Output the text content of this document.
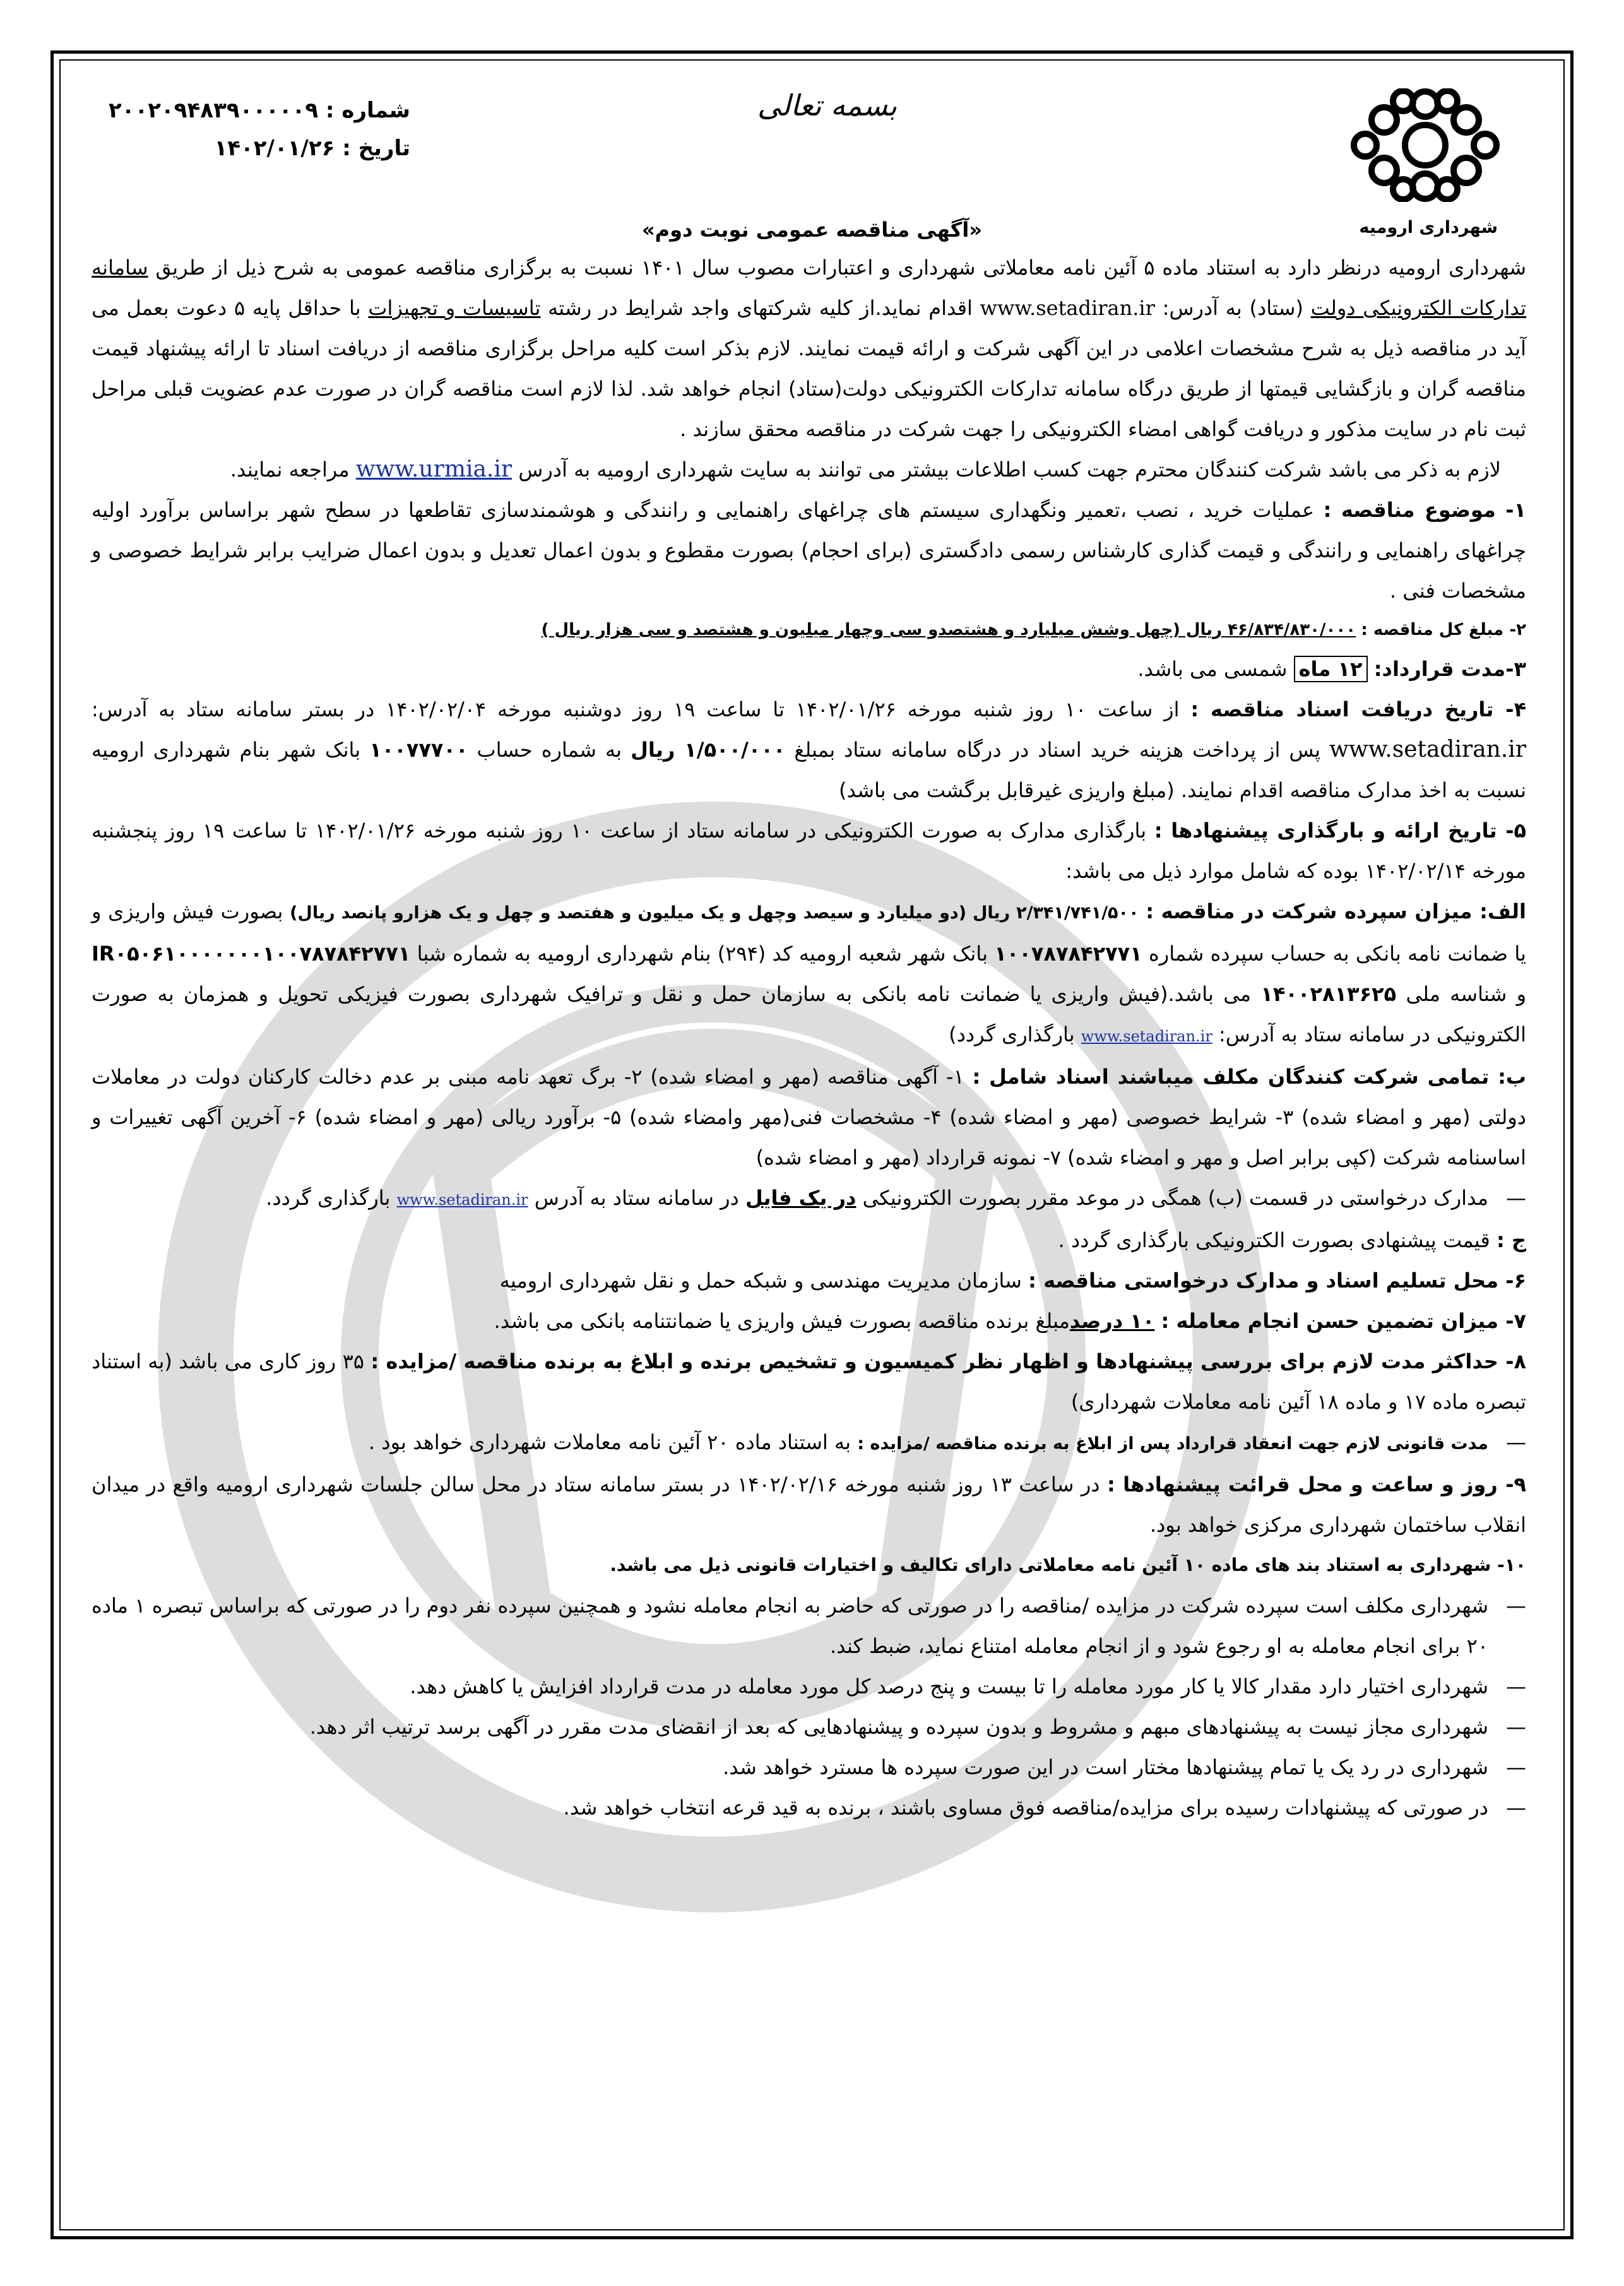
شهرداری ارومیه
بسمه تعالی
شماره : ۲۰۰۲۰۹۴۸۳۹۰۰۰۰۰۹
تاریخ : ۱۴۰۲/۰۱/۲۶
«آگهی مناقصه عمومی نوبت دوم»

شهرداری ارومیه درنظر دارد به استناد ماده ۵ آئین نامه معاملاتی شهرداری و اعتبارات مصوب سال ۱۴۰۱ نسبت به برگزاری مناقصه عمومی به شرح ذیل از طریق سامانه تدارکات الکترونیکی دولت (ستاد) به آدرس: www.setadiran.ir اقدام نماید.از کلیه شرکتهای واجد شرایط در رشته تاسیسات و تجهیزات با حداقل پایه ۵ دعوت بعمل می آید در مناقصه ذیل به شرح مشخصات اعلامی در این آگهی شرکت و ارائه قیمت نمایند. لازم بذکر است کلیه مراحل برگزاری مناقصه از دریافت اسناد تا ارائه پیشنهاد قیمت مناقصه گران و بازگشایی قیمتها از طریق درگاه سامانه تدارکات الکترونیکی دولت(ستاد) انجام خواهد شد. لذا لازم است مناقصه گران در صورت عدم عضویت قبلی مراحل ثبت نام در سایت مذکور و دریافت گواهی امضاء الکترونیکی را جهت شرکت در مناقصه محقق سازند .

لازم به ذکر می باشد شرکت کنندگان محترم جهت کسب اطلاعات بیشتر می توانند به سایت شهرداری ارومیه به آدرس www.urmia.ir مراجعه نمایند.

۱- موضوع مناقصه : عملیات خرید ، نصب ،تعمیر ونگهداری سیستم های چراغهای راهنمایی و رانندگی و هوشمندسازی تقاطعها در سطح شهر براساس برآورد اولیه چراغهای راهنمایی و رانندگی و قیمت گذاری کارشناس رسمی دادگستری (برای احجام) بصورت مقطوع و بدون اعمال تعدیل و بدون اعمال ضرایب برابر شرایط خصوصی و مشخصات فنی .

۲- مبلغ کل مناقصه : ۴۶/۸۳۴/۸۳۰/۰۰۰ ریال (چهل وشش میلیارد و هشتصدو سی وچهار میلیون و هشتصد و سی هزار ریال )

۳-مدت قرارداد: ۱۲ ماه شمسی می باشد.

۴- تاریخ دریافت اسناد مناقصه : از ساعت ۱۰ روز شنبه مورخه ۱۴۰۲/۰۱/۲۶ تا ساعت ۱۹ روز دوشنبه مورخه ۱۴۰۲/۰۲/۰۴ در بستر سامانه ستاد به آدرس: www.setadiran.ir پس از پرداخت هزینه خرید اسناد در درگاه سامانه ستاد بمبلغ ۱/۵۰۰/۰۰۰ ریال به شماره حساب ۱۰۰۷۷۷۰۰ بانک شهر بنام شهرداری ارومیه نسبت به اخذ مدارک مناقصه اقدام نمایند. (مبلغ واریزی غیرقابل برگشت می باشد)

۵- تاریخ ارائه و بارگذاری پیشنهادها : بارگذاری مدارک به صورت الکترونیکی در سامانه ستاد از ساعت ۱۰ روز شنبه مورخه ۱۴۰۲/۰۱/۲۶ تا ساعت ۱۹ روز پنجشنبه مورخه ۱۴۰۲/۰۲/۱۴ بوده که شامل موارد ذیل می باشد:

الف: میزان سپرده شرکت در مناقصه : ۲/۳۴۱/۷۴۱/۵۰۰ ریال (دو میلیارد و سیصد وچهل و یک میلیون و هفتصد و چهل و یک هزارو پانصد ریال) بصورت فیش واریزی و یا ضمانت نامه بانکی به حساب سپرده شماره ۱۰۰۷۸۷۸۴۲۷۷۱ بانک شهر شعبه ارومیه کد (۲۹۴) بنام شهرداری ارومیه به شماره شبا IR۰۵۰۶۱۰۰۰۰۰۰۰۱۰۰۷۸۷۸۴۲۷۷۱ و شناسه ملی ۱۴۰۰۲۸۱۳۶۲۵ می باشد.(فیش واریزی یا ضمانت نامه بانکی به سازمان حمل و نقل و ترافیک شهرداری بصورت فیزیکی تحویل و همزمان به صورت الکترونیکی در سامانه ستاد به آدرس: www.setadiran.ir بارگذاری گردد)

ب: تمامی شرکت کنندگان مکلف میباشند اسناد شامل : ۱- آگهی مناقصه (مهر و امضاء شده) ۲- برگ تعهد نامه مبنی بر عدم دخالت کارکنان دولت در معاملات دولتی (مهر و امضاء شده) ۳- شرایط خصوصی (مهر و امضاء شده) ۴- مشخصات فنی(مهر وامضاء شده) ۵- برآورد ریالی (مهر و امضاء شده) ۶- آخرین آگهی تغییرات و اساسنامه شرکت (کپی برابر اصل و مهر و امضاء شده) ۷- نمونه قرارداد (مهر و امضاء شده)

— مدارک درخواستی در قسمت (ب) همگی در موعد مقرر بصورت الکترونیکی در یک فایل در سامانه ستاد به آدرس www.setadiran.ir بارگذاری گردد.

ج : قیمت پیشنهادی بصورت الکترونیکی بارگذاری گردد .

۶- محل تسلیم اسناد و مدارک درخواستی مناقصه : سازمان مدیریت مهندسی و شبکه حمل و نقل شهرداری ارومیه

۷- میزان تضمین حسن انجام معامله : ۱۰ درصدمبلغ برنده مناقصه بصورت فیش واریزی یا ضمانتنامه بانکی می باشد.

۸- حداکثر مدت لازم برای بررسی پیشنهادها و اظهار نظر کمیسیون و تشخیص برنده و ابلاغ به برنده مناقصه /مزایده : ۳۵ روز کاری می باشد (به استناد تبصره ماده ۱۷ و ماده ۱۸ آئین نامه معاملات شهرداری)

— مدت قانونی لازم جهت انعقاد قرارداد پس از ابلاغ به برنده مناقصه /مزایده : به استناد ماده ۲۰ آئین نامه معاملات شهرداری خواهد بود .

۹- روز و ساعت و محل قرائت پیشنهادها : در ساعت ۱۳ روز شنبه مورخه ۱۴۰۲/۰۲/۱۶ در بستر سامانه ستاد در محل سالن جلسات شهرداری ارومیه واقع در میدان انقلاب ساختمان شهرداری مرکزی خواهد بود.

۱۰- شهرداری به استناد بند های ماده ۱۰ آئین نامه معاملاتی دارای تکالیف و اختیارات قانونی ذیل می باشد.

— شهرداری مکلف است سپرده شرکت در مزایده /مناقصه را در صورتی که حاضر به انجام معامله نشود و همچنین سپرده نفر دوم را در صورتی که براساس تبصره ۱ ماده ۲۰ برای انجام معامله به او رجوع شود و از انجام معامله امتناع نماید، ضبط کند.

— شهرداری اختیار دارد مقدار کالا یا کار مورد معامله را تا بیست و پنج درصد کل مورد معامله در مدت قرارداد افزایش یا کاهش دهد.

— شهرداری مجاز نیست به پیشنهادهای مبهم و مشروط و بدون سپرده و پیشنهادهایی که بعد از انقضای مدت مقرر در آگهی برسد ترتیب اثر دهد.

— شهرداری در رد یک یا تمام پیشنهادها مختار است در این صورت سپرده ها مسترد خواهد شد.

— در صورتی که پیشنهادات رسیده برای مزایده/مناقصه فوق مساوی باشند ، برنده به قید قرعه انتخاب خواهد شد.
